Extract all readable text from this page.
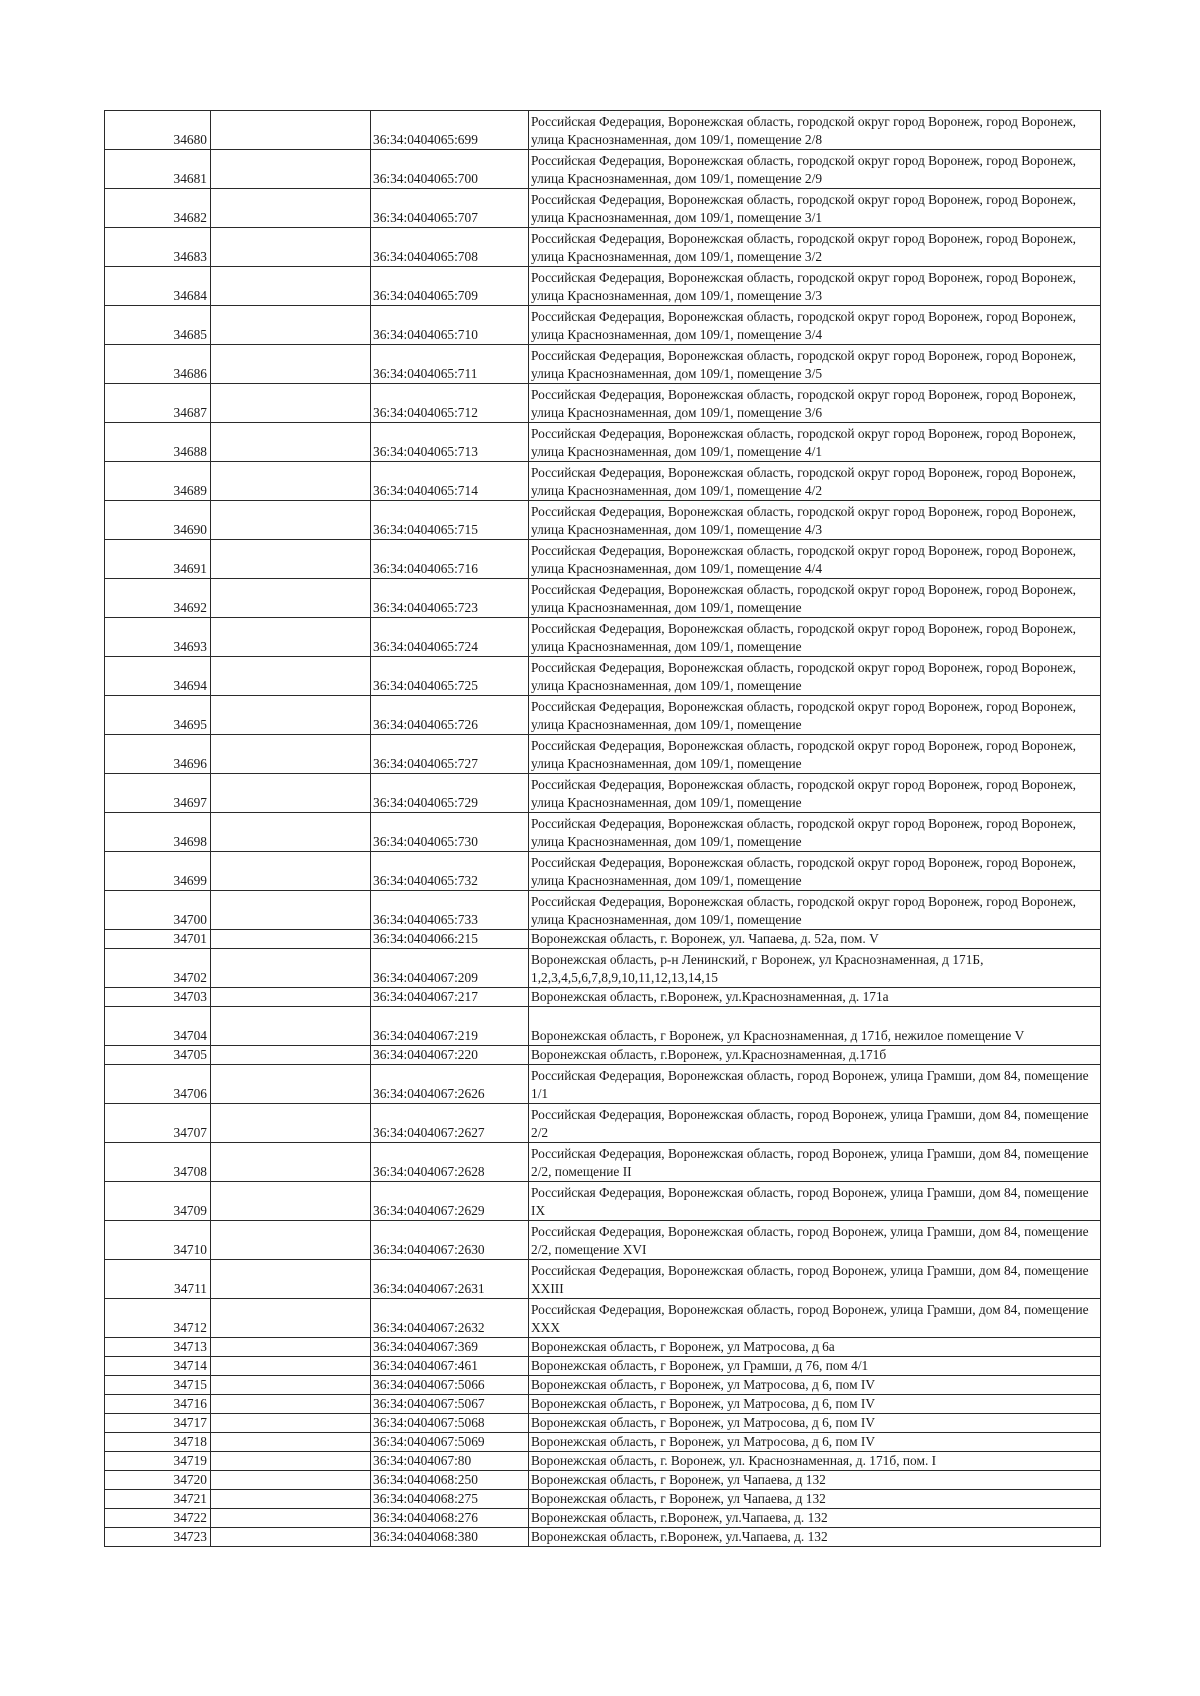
34680		36:34:0404065:699	Российская Федерация, Воронежская область, городской округ город Воронеж, город Воронеж, улица Краснознаменная, дом 109/1, помещение 2/8
34681		36:34:0404065:700	Российская Федерация, Воронежская область, городской округ город Воронеж, город Воронеж, улица Краснознаменная, дом 109/1, помещение 2/9
34682		36:34:0404065:707	Российская Федерация, Воронежская область, городской округ город Воронеж, город Воронеж, улица Краснознаменная, дом 109/1, помещение 3/1
34683		36:34:0404065:708	Российская Федерация, Воронежская область, городской округ город Воронеж, город Воронеж, улица Краснознаменная, дом 109/1, помещение 3/2
34684		36:34:0404065:709	Российская Федерация, Воронежская область, городской округ город Воронеж, город Воронеж, улица Краснознаменная, дом 109/1, помещение 3/3
34685		36:34:0404065:710	Российская Федерация, Воронежская область, городской округ город Воронеж, город Воронеж, улица Краснознаменная, дом 109/1, помещение 3/4
34686		36:34:0404065:711	Российская Федерация, Воронежская область, городской округ город Воронеж, город Воронеж, улица Краснознаменная, дом 109/1, помещение 3/5
34687		36:34:0404065:712	Российская Федерация, Воронежская область, городской округ город Воронеж, город Воронеж, улица Краснознаменная, дом 109/1, помещение 3/6
34688		36:34:0404065:713	Российская Федерация, Воронежская область, городской округ город Воронеж, город Воронеж, улица Краснознаменная, дом 109/1, помещение 4/1
34689		36:34:0404065:714	Российская Федерация, Воронежская область, городской округ город Воронеж, город Воронеж, улица Краснознаменная, дом 109/1, помещение 4/2
34690		36:34:0404065:715	Российская Федерация, Воронежская область, городской округ город Воронеж, город Воронеж, улица Краснознаменная, дом 109/1, помещение 4/3
34691		36:34:0404065:716	Российская Федерация, Воронежская область, городской округ город Воронеж, город Воронеж, улица Краснознаменная, дом 109/1, помещение 4/4
34692		36:34:0404065:723	Российская Федерация, Воронежская область, городской округ город Воронеж, город Воронеж, улица Краснознаменная, дом 109/1, помещение
34693		36:34:0404065:724	Российская Федерация, Воронежская область, городской округ город Воронеж, город Воронеж, улица Краснознаменная, дом 109/1, помещение
34694		36:34:0404065:725	Российская Федерация, Воронежская область, городской округ город Воронеж, город Воронеж, улица Краснознаменная, дом 109/1, помещение
34695		36:34:0404065:726	Российская Федерация, Воронежская область, городской округ город Воронеж, город Воронеж, улица Краснознаменная, дом 109/1, помещение
34696		36:34:0404065:727	Российская Федерация, Воронежская область, городской округ город Воронеж, город Воронеж, улица Краснознаменная, дом 109/1, помещение
34697		36:34:0404065:729	Российская Федерация, Воронежская область, городской округ город Воронеж, город Воронеж, улица Краснознаменная, дом 109/1, помещение
34698		36:34:0404065:730	Российская Федерация, Воронежская область, городской округ город Воронеж, город Воронеж, улица Краснознаменная, дом 109/1, помещение
34699		36:34:0404065:732	Российская Федерация, Воронежская область, городской округ город Воронеж, город Воронеж, улица Краснознаменная, дом 109/1, помещение
34700		36:34:0404065:733	Российская Федерация, Воронежская область, городской округ город Воронеж, город Воронеж, улица Краснознаменная, дом 109/1, помещение
34701		36:34:0404066:215	Воронежская область, г. Воронеж, ул. Чапаева, д. 52а, пом. V
34702		36:34:0404067:209	Воронежская область, р-н Ленинский, г Воронеж, ул Краснознаменная, д 171Б, 1,2,3,4,5,6,7,8,9,10,11,12,13,14,15
34703		36:34:0404067:217	Воронежская область, г.Воронеж, ул.Краснознаменная, д. 171а
34704		36:34:0404067:219	Воронежская область, г Воронеж, ул Краснознаменная, д 171б, нежилое помещение V
34705		36:34:0404067:220	Воронежская область, г.Воронеж, ул.Краснознаменная, д.171б
34706		36:34:0404067:2626	Российская Федерация, Воронежская область, город Воронеж, улица Грамши, дом 84, помещение 1/1
34707		36:34:0404067:2627	Российская Федерация, Воронежская область, город Воронеж, улица Грамши, дом 84, помещение 2/2
34708		36:34:0404067:2628	Российская Федерация, Воронежская область, город Воронеж, улица Грамши, дом 84, помещение 2/2, помещение II
34709		36:34:0404067:2629	Российская Федерация, Воронежская область, город Воронеж, улица Грамши, дом 84, помещение IX
34710		36:34:0404067:2630	Российская Федерация, Воронежская область, город Воронеж, улица Грамши, дом 84, помещение 2/2, помещение XVI
34711		36:34:0404067:2631	Российская Федерация, Воронежская область, город Воронеж, улица Грамши, дом 84, помещение XXIII
34712		36:34:0404067:2632	Российская Федерация, Воронежская область, город Воронеж, улица Грамши, дом 84, помещение XXX
34713		36:34:0404067:369	Воронежская область, г Воронеж, ул Матросова, д 6а
34714		36:34:0404067:461	Воронежская область, г Воронеж, ул Грамши, д 76, пом 4/1
34715		36:34:0404067:5066	Воронежская область, г Воронеж, ул Матросова, д 6, пом IV
34716		36:34:0404067:5067	Воронежская область, г Воронеж, ул Матросова, д 6, пом IV
34717		36:34:0404067:5068	Воронежская область, г Воронеж, ул Матросова, д 6, пом IV
34718		36:34:0404067:5069	Воронежская область, г Воронеж, ул Матросова, д 6, пом IV
34719		36:34:0404067:80	Воронежская область, г. Воронеж, ул. Краснознаменная, д. 171б, пом. I
34720		36:34:0404068:250	Воронежская область, г Воронеж, ул Чапаева, д 132
34721		36:34:0404068:275	Воронежская область, г Воронеж, ул Чапаева, д 132
34722		36:34:0404068:276	Воронежская область, г.Воронеж, ул.Чапаева, д. 132
34723		36:34:0404068:380	Воронежская область, г.Воронеж, ул.Чапаева, д. 132
